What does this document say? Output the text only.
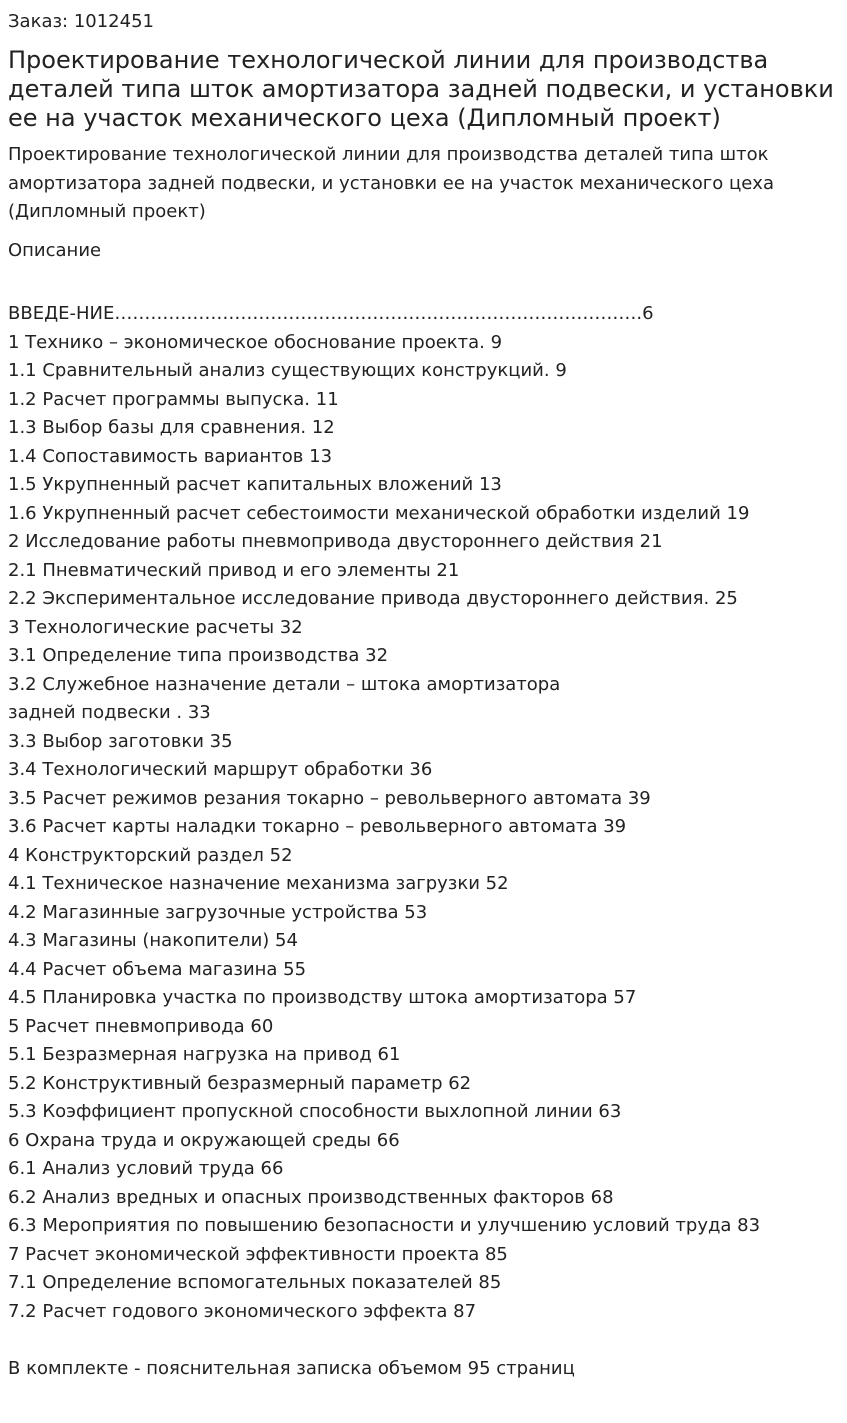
Заказ: 1012451
Проектирование технологической линии для производства деталей типа шток амортизатора задней подвески, и установки ее на участок механического цеха (Дипломный проект)
Проектирование технологической линии для производства деталей типа шток амортизатора задней подвески, и установки ее на участок механического цеха (Дипломный проект)
Описание
ВВЕДЕ-НИЕ…………………………………………………………………………….6
1 Технико – экономическое обоснование проекта. 9
1.1 Сравнительный анализ существующих конструкций. 9
1.2 Расчет программы выпуска. 11
1.3 Выбор базы для сравнения. 12
1.4 Сопоставимость вариантов 13
1.5 Укрупненный расчет капитальных вложений 13
1.6 Укрупненный расчет себестоимости механической обработки изделий 19
2 Исследование работы пневмопривода двустороннего действия 21
2.1 Пневматический привод и его элементы 21
2.2 Экспериментальное исследование привода двустороннего действия. 25
3 Технологические расчеты 32
3.1 Определение типа производства 32
3.2 Служебное назначение детали – штока амортизатора
задней подвески . 33
3.3 Выбор заготовки 35
3.4 Технологический маршрут обработки 36
3.5 Расчет режимов резания токарно – револьверного автомата 39
3.6 Расчет карты наладки токарно – револьверного автомата 39
4 Конструкторский раздел 52
4.1 Техническое назначение механизма загрузки 52
4.2 Магазинные загрузочные устройства 53
4.3 Магазины (накопители) 54
4.4 Расчет объема магазина 55
4.5 Планировка участка по производству штока амортизатора 57
5 Расчет пневмопривода 60
5.1 Безразмерная нагрузка на привод 61
5.2 Конструктивный безразмерный параметр 62
5.3 Коэффициент пропускной способности выхлопной линии 63
6 Охрана труда и окружающей среды 66
6.1 Анализ условий труда 66
6.2 Анализ вредных и опасных производственных факторов 68
6.3 Мероприятия по повышению безопасности и улучшению условий труда 83
7 Расчет экономической эффективности проекта 85
7.1 Определение вспомогательных показателей 85
7.2 Расчет годового экономического эффекта 87
В комплекте - пояснительная записка объемом 95 страниц
